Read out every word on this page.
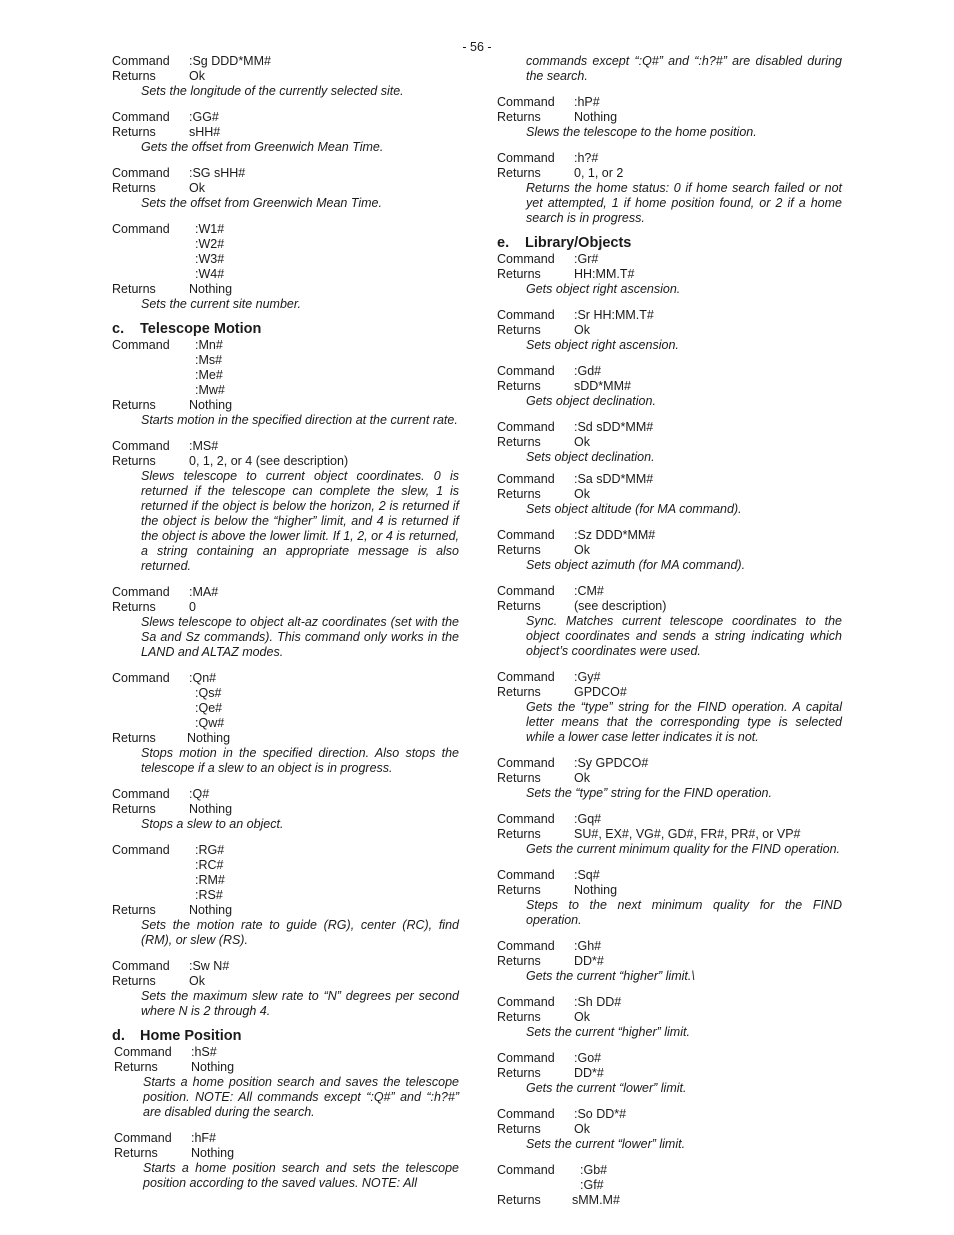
- 56 -
Command :Sg DDD*MM#
Returns	Ok
Sets the longitude of the currently selected site.
Command :GG#
Returns	sHH#
Gets the offset from Greenwich Mean Time.
Command :SG sHH#
Returns	Ok
Sets the offset from Greenwich Mean Time.
Command :W1#
:W2#
:W3#
:W4#
Returns	Nothing
Sets the current site number.
c. Telescope Motion
Command :Mn#
:Ms#
:Me#
:Mw#
Returns	Nothing
Starts motion in the specified direction at the current rate.
Command :MS#
Returns	0, 1, 2, or 4 (see description)
Slews telescope to current object coordinates. 0 is returned if the telescope can complete the slew, 1 is returned if the object is below the horizon, 2 is returned if the object is below the “higher” limit, and 4 is returned if the object is above the lower limit. If 1, 2, or 4 is returned, a string containing an appropriate message is also returned.
Command :MA#
Returns	0
Slews telescope to object alt-az coordinates (set with the Sa and Sz commands). This command only works in the LAND and ALTAZ modes.
Command :Qn#
:Qs#
:Qe#
:Qw#
Returns Nothing
Stops motion in the specified direction. Also stops the telescope if a slew to an object is in progress.
Command :Q#
Returns	Nothing
Stops a slew to an object.
Command :RG#
:RC#
:RM#
:RS#
Returns	Nothing
Sets the motion rate to guide (RG), center (RC), find (RM), or slew (RS).
Command :Sw N#
Returns	Ok
Sets the maximum slew rate to “N” degrees per second where N is 2 through 4.
d. Home Position
Command :hS#
Returns	Nothing
Starts a home position search and saves the telescope position. NOTE: All commands except “:Q#” and “:h?#” are disabled during the search.
Command :hF#
Returns	Nothing
Starts a home position search and sets the telescope position according to the saved values. NOTE: All
commands except “:Q#” and “:h?#” are disabled during the search.
Command :hP#
Returns	Nothing
Slews the telescope to the home position.
Command :h?#
Returns	0, 1, or 2
Returns the home status: 0 if home search failed or not yet attempted, 1 if home position found, or 2 if a home search is in progress.
e. Library/Objects
Command :Gr#
Returns	HH:MM.T#
Gets object right ascension.
Command :Sr HH:MM.T#
Returns	Ok
Sets object right ascension.
Command :Gd#
Returns	sDD*MM#
Gets object declination.
Command :Sd sDD*MM#
Returns	Ok
Sets object declination.
Command :Sa sDD*MM#
Returns	Ok
Sets object altitude (for MA command).
Command :Sz DDD*MM#
Returns	Ok
Sets object azimuth (for MA command).
Command :CM#
Returns	(see description)
Sync. Matches current telescope coordinates to the object coordinates and sends a string indicating which object’s coordinates were used.
Command :Gy#
Returns	GPDCO#
Gets the “type” string for the FIND operation. A capital letter means that the corresponding type is selected while a lower case letter indicates it is not.
Command :Sy GPDCO#
Returns	Ok
Sets the “type” string for the FIND operation.
Command :Gq#
Returns	SU#, EX#, VG#, GD#, FR#, PR#, or VP#
Gets the current minimum quality for the FIND operation.
Command :Sq#
Returns	Nothing
Steps to the next minimum quality for the FIND operation.
Command :Gh#
Returns	DD*#
Gets the current “higher” limit.\
Command :Sh DD#
Returns	Ok
Sets the current “higher” limit.
Command :Go#
Returns	DD*#
Gets the current “lower” limit.
Command :So DD*#
Returns	Ok
Sets the current “lower” limit.
Command :Gb#
:Gf#
Returns sMM.M#
